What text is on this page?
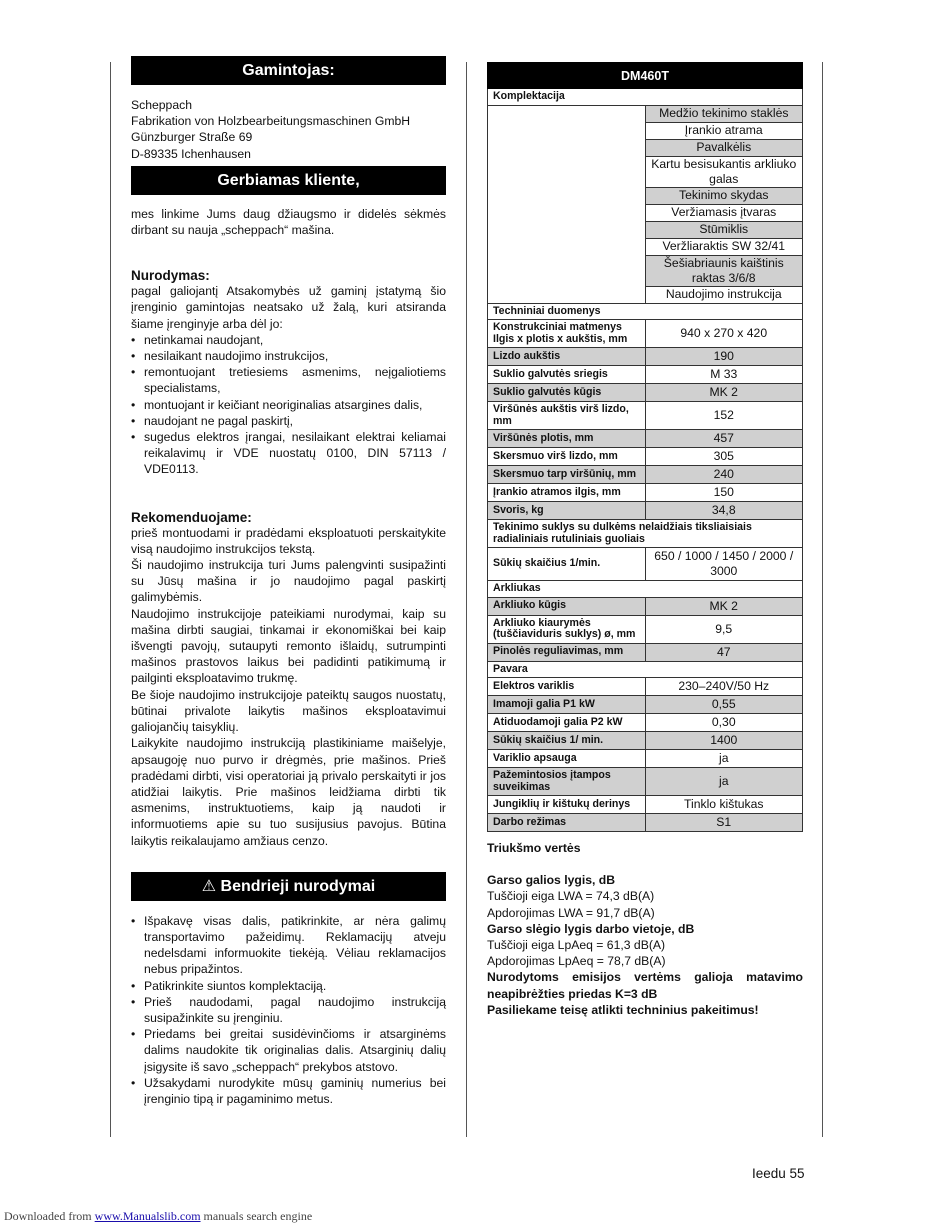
Gamintojas:
Scheppach
Fabrikation von Holzbearbeitungsmaschinen GmbH
Günzburger Straße 69
D-89335 Ichenhausen
Gerbiamas kliente,
mes linkime Jums daug džiaugsmo ir didelės sėkmės dirbant su nauja „scheppach“ mašina.
Nurodymas:
pagal galiojantį Atsakomybės už gaminį įstatymą šio įrenginio gamintojas neatsako už žalą, kuri atsiranda šiame įrenginyje arba dėl jo:
• netinkamai naudojant,
• nesilaikant naudojimo instrukcijos,
• remontuojant tretiesiems asmenims, neįgaliotiems specialistams,
• montuojant ir keičiant neoriginalias atsargines dalis,
• naudojant ne pagal paskirtį,
• sugedus elektros įrangai, nesilaikant elektrai keliamai reikalavimų ir VDE nuostatų 0100, DIN 57113 / VDE0113.
Rekomenduojame:
prieš montuodami ir pradėdami eksploatuoti perskaitykite visą naudojimo instrukcijos tekstą.
Ši naudojimo instrukcija turi Jums palengvinti susipažinti su Jūsų mašina ir jo naudojimo pagal paskirtį galimybėmis.
Naudojimo instrukcijoje pateikiami nurodymai, kaip su mašina dirbti saugiai, tinkamai ir ekonomiškai bei kaip išvengti pavojų, sutaupyti remonto išlaidų, sutrumpinti mašinos prastovos laikus bei padidinti patikimumą ir pailginti eksploatavimo trukmę.
Be šioje naudojimo instrukcijoje pateiktų saugos nuostatų, būtinai privalote laikytis mašinos eksploatavimui galiojančių taisyklių.
Laikykite naudojimo instrukciją plastikiniame maišelyje, apsaugoję nuo purvo ir drėgmės, prie mašinos. Prieš pradėdami dirbti, visi operatoriai ją privalo perskaityti ir jos atidžiai laikytis. Prie mašinos leidžiama dirbti tik asmenims, instruktuotiems, kaip ją naudoti ir informuotiems apie su tuo susijusius pavojus. Būtina laikytis reikalaujamo amžiaus cenzo.
⚠ Bendrieji nurodymai
• Išpakavę visas dalis, patikrinkite, ar nėra galimų transportavimo pažeidimų. Reklamacijų atveju nedelsdami informuokite tiekėją. Vėliau reklamacijos nebus pripažintos.
• Patikrinkite siuntos komplektaciją.
• Prieš naudodami, pagal naudojimo instrukciją susipažinkite su įrenginiu.
• Priedams bei greitai susidėvinčioms ir atsarginėms dalims naudokite tik originalias dalis. Atsarginių dalių įsigysite iš savo „scheppach“ prekybos atstovo.
• Užsakydami nurodykite mūsų gaminių numerius bei įrenginio tipą ir pagaminimo metus.
DM460T	
Komplektacija	
	Medžio tekinimo staklės
	Įrankio atrama
	Pavalkėlis
	Kartu besisukantis arkliuko galas
	Tekinimo skydas
	Veržiamasis įtvaras
	Stūmiklis
	Veržliaraktis SW 32/41
	Šešiabriaunis kaištinis raktas 3/6/8
	Naudojimo instrukcija
Techniniai duomenys	
Konstrukciniai matmenys Ilgis x plotis x aukštis, mm	940 x 270 x 420
Lizdo aukštis	190
Suklio galvutės sriegis	M 33
Suklio galvutės kūgis	MK 2
Viršūnės aukštis virš lizdo, mm	152
Viršūnės plotis, mm	457
Skersmuo virš lizdo, mm	305
Skersmuo tarp viršūnių, mm	240
Įrankio atramos ilgis, mm	150
Svoris, kg	34,8
Tekinimo suklys su dulkėms nelaidžiais tiksliaisiais radialiniais rutuliniais guoliais	
Sūkių skaičius 1/min.	650 / 1000 / 1450 / 2000 / 3000
Arkliukas	
Arkliuko kūgis	MK 2
Arkliuko kiaurymės (tuščiaviduris suklys) ø, mm	9,5
Pinolės reguliavimas, mm	47
Pavara	
Elektros variklis	230–240V/50 Hz
Imamoji galia P1 kW	0,55
Atiduodamoji galia P2 kW	0,30
Sūkių skaičius 1/ min.	1400
Variklio apsauga	ja
Pažemintosios įtampos suveikimas	ja
Jungiklių ir kištukų derinys	Tinklo kištukas
Darbo režimas	S1
Triukšmo vertės
Garso galios lygis, dB
Tuščioji eiga LWA = 74,3 dB(A)
Apdorojimas LWA = 91,7 dB(A)
Garso slėgio lygis darbo vietoje, dB
Tuščioji eiga LpAeq = 61,3 dB(A)
Apdorojimas LpAeq = 78,7 dB(A)
Nurodytoms emisijos vertėms galioja matavimo neapibrėžties priedas K=3 dB
Pasiliekame teisę atlikti techninius pakeitimus!
Ieedu 55
Downloaded from www.Manualslib.com manuals search engine
